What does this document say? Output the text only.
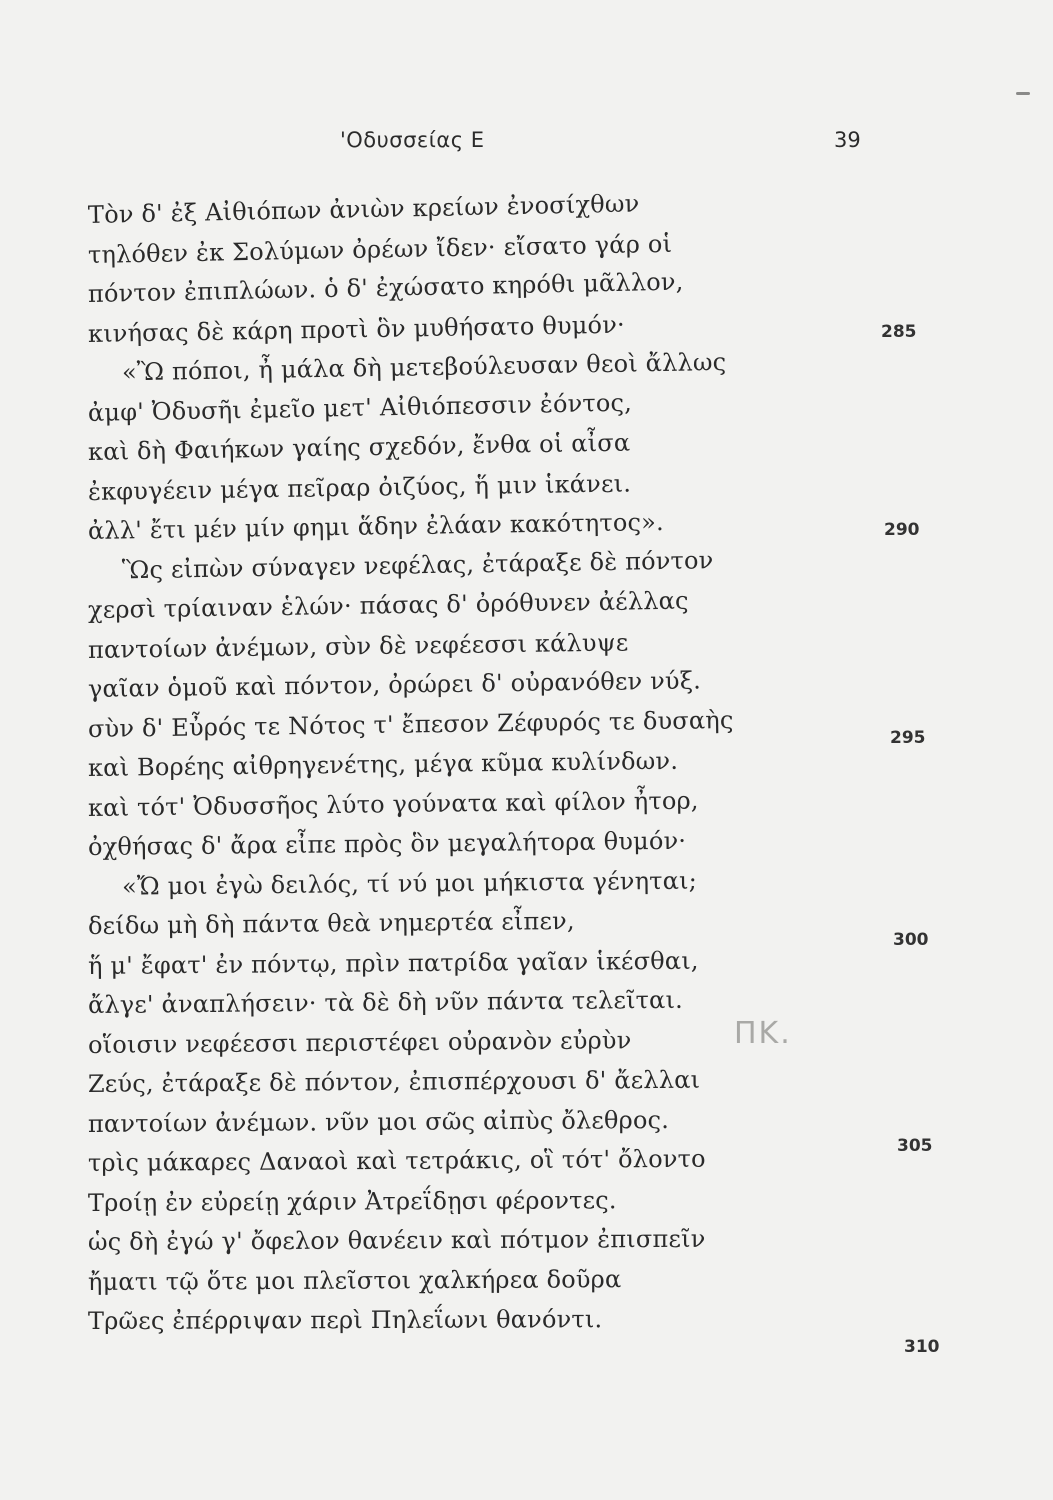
'Οδυσσείας Ε	39
Τὸν δ' ἐξ Αἰθιόπων ἀνιὼν κρείων ἐνοσίχθων
τηλόθεν ἐκ Σολύμων ὀρέων ἴδεν· εἴσατο γάρ οἱ
πόντον ἐπιπλώων. ὁ δ' ἐχώσατο κηρόθι μᾶλλον,
κινήσας δὲ κάρη προτὶ ὃν μυθήσατο θυμόν·
«Ὢ πόποι, ἦ μάλα δὴ μετεβούλευσαν θεοὶ ἄλλως
ἀμφ' Ὀδυσῆι ἐμεῖο μετ' Αἰθιόπεσσιν ἐόντος,
καὶ δὴ Φαιήκων γαίης σχεδόν, ἔνθα οἱ αἶσα
ἐκφυγέειν μέγα πεῖραρ ὀιζύος, ἥ μιν ἱκάνει.
ἀλλ' ἔτι μέν μίν φημι ἅδην ἐλάαν κακότητος».
Ὣς εἰπὼν σύναγεν νεφέλας, ἐτάραξε δὲ πόντον
χερσὶ τρίαιναν ἑλών· πάσας δ' ὀρόθυνεν ἀέλλας
παντοίων ἀνέμων, σὺν δὲ νεφέεσσι κάλυψε
γαῖαν ὁμοῦ καὶ πόντον, ὀρώρει δ' οὐρανόθεν νύξ.
σὺν δ' Εὖρός τε Νότος τ' ἔπεσον Ζέφυρός τε δυσαὴς
καὶ Βορέης αἰθρηγενέτης, μέγα κῦμα κυλίνδων.
καὶ τότ' Ὀδυσσῆος λύτο γούνατα καὶ φίλον ἦτορ,
ὀχθήσας δ' ἄρα εἶπε πρὸς ὃν μεγαλήτορα θυμόν·
«Ὤ μοι ἐγὼ δειλός, τί νύ μοι μήκιστα γένηται;
δείδω μὴ δὴ πάντα θεὰ νημερτέα εἶπεν,
ἥ μ' ἔφατ' ἐν πόντῳ, πρὶν πατρίδα γαῖαν ἱκέσθαι,
ἄλγε' ἀναπλήσειν· τὰ δὲ δὴ νῦν πάντα τελεῖται.
οἵοισιν νεφέεσσι περιστέφει οὐρανὸν εὐρὺν
Ζεύς, ἐτάραξε δὲ πόντον, ἐπισπέρχουσι δ' ἄελλαι
παντοίων ἀνέμων. νῦν μοι σῶς αἰπὺς ὄλεθρος.
τρὶς μάκαρες Δαναοὶ καὶ τετράκις, οἳ τότ' ὄλοντο
Τροίῃ ἐν εὐρείῃ χάριν Ἀτρεΐδῃσι φέροντες.
ὡς δὴ ἐγώ γ' ὄφελον θανέειν καὶ πότμον ἐπισπεῖν
ἤματι τῷ ὅτε μοι πλεῖστοι χαλκήρεα δοῦρα
Τρῶες ἐπέρριψαν περὶ Πηλεΐωνι θανόντι.
285
290
295
300
305
310
ΠΚ.
